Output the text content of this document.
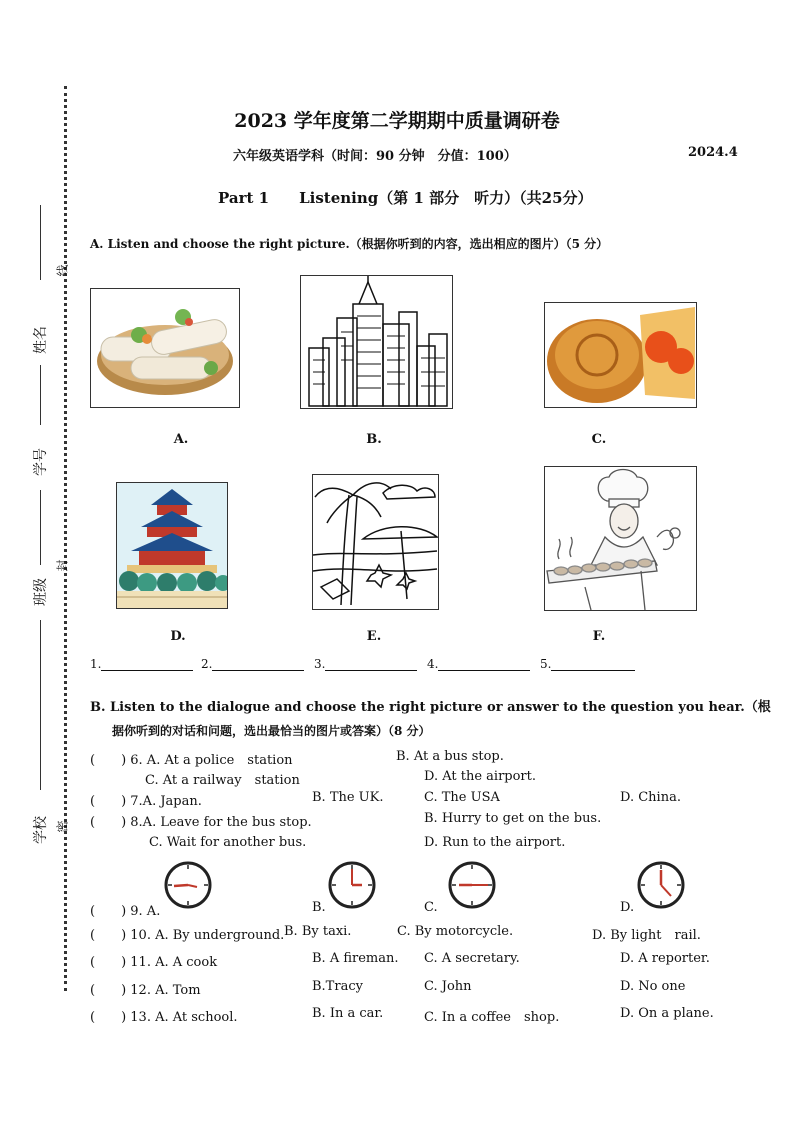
姓名
学号
班级
学校
线
封
密
2023 学年度第二学期期中质量调研卷
六年级英语学科（时间：90 分钟　分值：100）	2024.4
Part 1 Listening（第 1 部分　听力）（共25分）
A. Listen and choose the right picture.（根据你听到的内容，选出相应的图片）（5 分）
A.	B.	C.
D.	E.	F.
1.	2.	3.	4.	5.
B. Listen to the dialogue and choose the right picture or answer to the question you hear.（根
据你听到的对话和问题，选出最恰当的图片或答案）（8 分）
(　　) 6. A. At a police　station	B. At a bus stop.
C. At a railway　station	D. At the airport.
(　　) 7.A. Japan.	B. The UK.	C. The USA	D. China.
(　　) 8.A. Leave for the bus stop.	B. Hurry to get on the bus.
C. Wait for another bus.	D. Run to the airport.
(　　) 9. A.	B.	C.	D.
(　　) 10. A. By underground. B. By taxi.	C. By motorcycle.	D. By light　rail.
(　　) 11. A. A cook	B. A fireman. C. A secretary.	D. A reporter.
(　　) 12. A. Tom	B.Tracy	C. John	D. No one
(　　) 13. A. At school.	B. In a car.	C. In a coffee　shop.	D. On a plane.
